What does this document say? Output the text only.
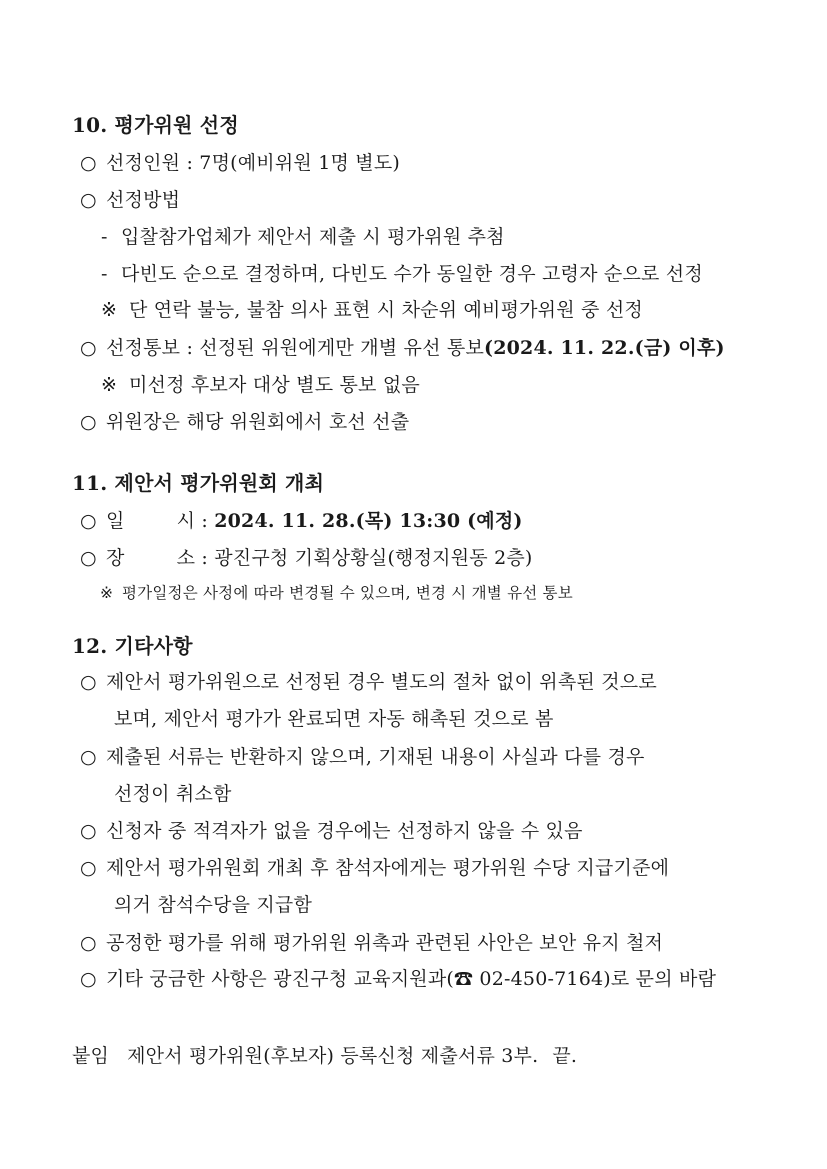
10. 평가위원 선정
○ 선정인원 : 7명(예비위원 1명 별도)
○ 선정방법
- 입찰참가업체가 제안서 제출 시 평가위원 추첨
- 다빈도 순으로 결정하며, 다빈도 수가 동일한 경우 고령자 순으로 선정
※ 단 연락 불능, 불참 의사 표현 시 차순위 예비평가위원 중 선정
○ 선정통보 : 선정된 위원에게만 개별 유선 통보(2024. 11. 22.(금) 이후)
※ 미선정 후보자 대상 별도 통보 없음
○ 위원장은 해당 위원회에서 호선 선출
11. 제안서 평가위원회 개최
○ 일	시 : 2024. 11. 28.(목) 13:30 (예정)
○ 장	소 : 광진구청 기획상황실(행정지원동 2층)
※ 평가일정은 사정에 따라 변경될 수 있으며, 변경 시 개별 유선 통보
12. 기타사항
○ 제안서 평가위원으로 선정된 경우 별도의 절차 없이 위촉된 것으로
보며, 제안서 평가가 완료되면 자동 해촉된 것으로 봄
○ 제출된 서류는 반환하지 않으며, 기재된 내용이 사실과 다를 경우
선정이 취소함
○ 신청자 중 적격자가 없을 경우에는 선정하지 않을 수 있음
○ 제안서 평가위원회 개최 후 참석자에게는 평가위원 수당 지급기준에
의거 참석수당을 지급함
○ 공정한 평가를 위해 평가위원 위촉과 관련된 사안은 보안 유지 철저
○ 기타 궁금한 사항은 광진구청 교육지원과(☎ 02-450-7164)로 문의 바람
붙임 제안서 평가위원(후보자) 등록신청 제출서류 3부. 끝.
